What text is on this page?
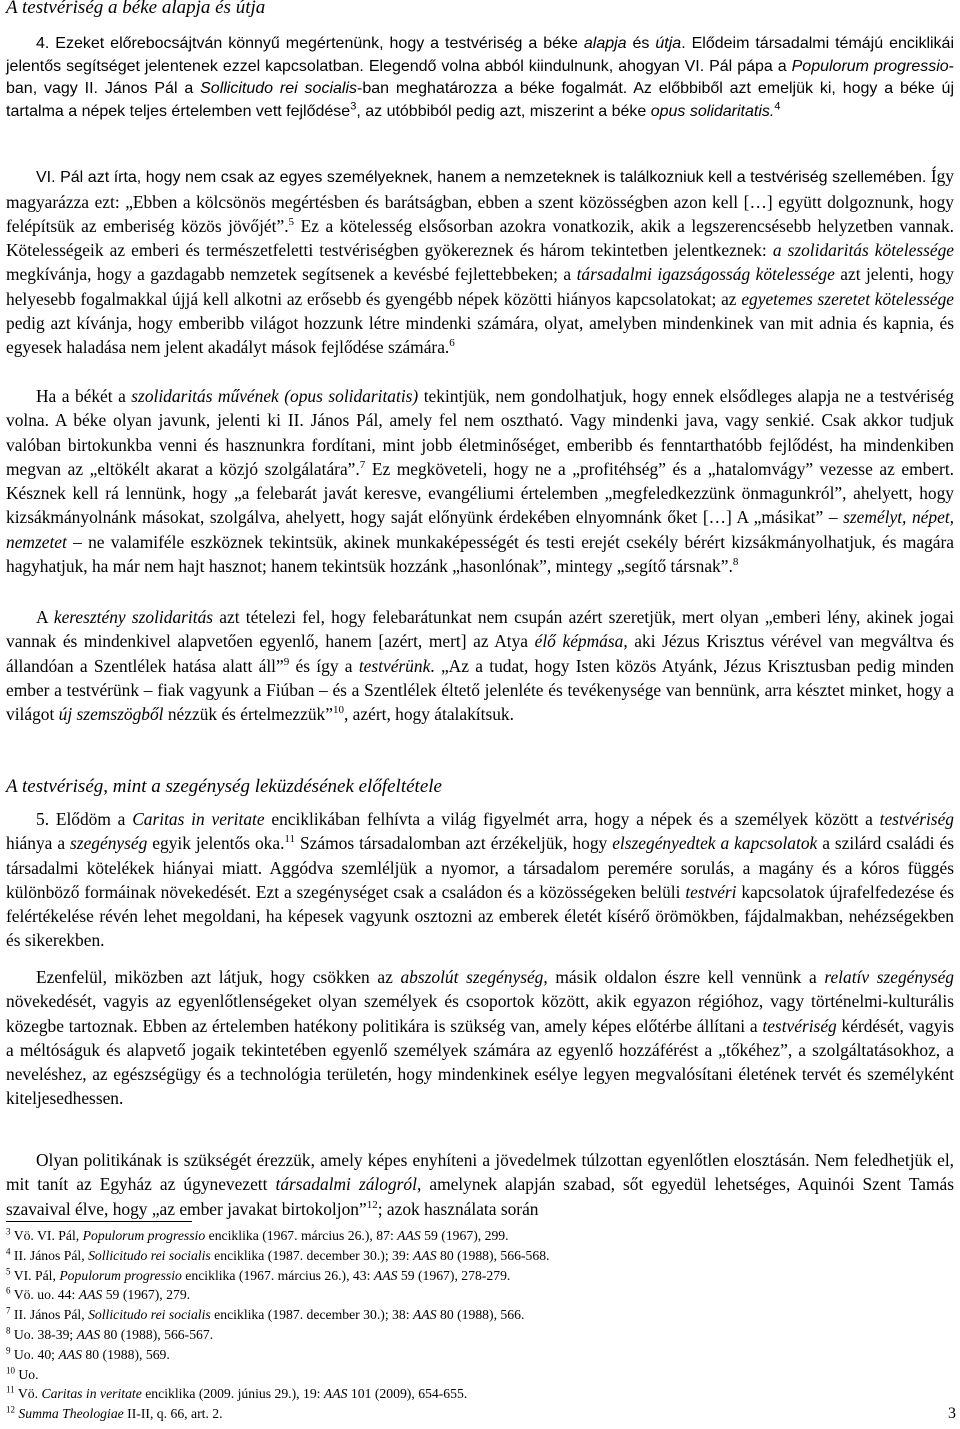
A testvériség a béke alapja és útja

4. Ezeket előrebocsájtván könnyű megértenünk, hogy a testvériség a béke alapja és útja. Elődeim társadalmi témájú enciklikái jelentős segítséget jelentenek ezzel kapcsolatban. Elegendő volna abból kiindulnunk, ahogyan VI. Pál pápa a Populorum progressio-ban, vagy II. János Pál a Sollicitudo rei socialis-ban meghatározza a béke fogalmát. Az előbbiből azt emeljük ki, hogy a béke új tartalma a népek teljes értelemben vett fejlődése$^3$, az utóbbiból pedig azt, miszerint a béke opus solidaritatis.$^4$

VI. Pál azt írta, hogy nem csak az egyes személyeknek, hanem a nemzeteknek is találkozniuk kell a testvériség szellemében. Így magyarázza ezt: „Ebben a kölcsönös megértésben és barátságban, ebben a szent közösségben azon kell […] együtt dolgoznunk, hogy felépítsük az emberiség közös jövőjét”.$^5$ Ez a kötelesség elsősorban azokra vonatkozik, akik a legszerencsésebb helyzetben vannak. Kötelességeik az emberi és természetfeletti testvériségben gyökereznek és három tekintetben jelentkeznek: a szolidaritás kötelessége megkívánja, hogy a gazdagabb nemzetek segítsenek a kevésbé fejlettebbeken; a társadalmi igazságosság kötelessége azt jelenti, hogy helyesebb fogalmakkal újjá kell alkotni az erősebb és gyengébb népek közötti hiányos kapcsolatokat; az egyetemes szeretet kötelessége pedig azt kívánja, hogy emberibb világot hozzunk létre mindenki számára, olyat, amelyben mindenkinek van mit adnia és kapnia, és egyesek haladása nem jelent akadályt mások fejlődése számára.$^6$

Ha a békét a szolidaritás művének (opus solidaritatis) tekintjük, nem gondolhatjuk, hogy ennek elsődleges alapja ne a testvériség volna. A béke olyan javunk, jelenti ki II. János Pál, amely fel nem osztható. Vagy mindenki java, vagy senkié. Csak akkor tudjuk valóban birtokunkba venni és hasznunkra fordítani, mint jobb életminőséget, emberibb és fenntarthatóbb fejlődést, ha mindenkiben megvan az „eltökélt akarat a közjó szolgálatára”.$^7$ Ez megköveteli, hogy ne a „profitéhség” és a „hatalomvágy” vezesse az embert. Késznek kell rá lennünk, hogy „a felebarát javát keresve, evangéliumi értelemben „megfeledkezzünk önmagunkról”, ahelyett, hogy kizsákmányolnánk másokat, szolgálva, ahelyett, hogy saját előnyünk érdekében elnyomnánk őket […] A „másikat” – személyt, népet, nemzetet – ne valamiféle eszköznek tekintsük, akinek munkaképességét és testi erejét csekély bérért kizsákmányolhatjuk, és magára hagyhatjuk, ha már nem hajt hasznot; hanem tekintsük hozzánk „hasonlónak”, mintegy „segítő társnak”.$^8$

A keresztény szolidaritás azt tételezi fel, hogy felebarátunkat nem csupán azért szeretjük, mert olyan „emberi lény, akinek jogai vannak és mindenkivel alapvetően egyenlő, hanem [azért, mert] az Atya élő képmása, aki Jézus Krisztus vérével van megváltva és állandóan a Szentlélek hatása alatt áll”$^9$ és így a testvérünk. „Az a tudat, hogy Isten közös Atyánk, Jézus Krisztusban pedig minden ember a testvérünk – fiak vagyunk a Fiúban – és a Szentlélek éltető jelenléte és tevékenysége van bennünk, arra késztet minket, hogy a világot új szemszögből nézzük és értelmezzük”$^{10}$, azért, hogy átalakítsuk.

A testvériség, mint a szegénység leküzdésének előfeltétele

5. Elődöm a Caritas in veritate enciklikában felhívta a világ figyelmét arra, hogy a népek és a személyek között a testvériség hiánya a szegénység egyik jelentős oka.$^{11}$ Számos társadalomban azt érzékeljük, hogy elszegényedtek a kapcsolatok a szilárd családi és társadalmi kötelékek hiányai miatt. Aggódva szemléljük a nyomor, a társadalom peremére sorulás, a magány és a kóros függés különböző formáinak növekedését. Ezt a szegénységet csak a családon és a közösségeken belüli testvéri kapcsolatok újrafelfedezése és felértékelése révén lehet megoldani, ha képesek vagyunk osztozni az emberek életét kísérő örömökben, fájdalmakban, nehézségekben és sikerekben.

Ezenfelül, miközben azt látjuk, hogy csökken az abszolút szegénység, másik oldalon észre kell vennünk a relatív szegénység növekedését, vagyis az egyenlőtlenségeket olyan személyek és csoportok között, akik egyazon régióhoz, vagy történelmi-kulturális közegbe tartoznak. Ebben az értelemben hatékony politikára is szükség van, amely képes előtérbe állítani a testvériség kérdését, vagyis a méltóságuk és alapvető jogaik tekintetében egyenlő személyek számára az egyenlő hozzáférést a „tőkéhez”, a szolgáltatásokhoz, a neveléshez, az egészségügy és a technológia területén, hogy mindenkinek esélye legyen megvalósítani életének tervét és személyként kiteljesedhessen.

Olyan politikának is szükségét érezzük, amely képes enyhíteni a jövedelmek túlzottan egyenlőtlen elosztásán. Nem feledhetjük el, mit tanít az Egyház az úgynevezett társadalmi zálogról, amelynek alapján szabad, sőt egyedül lehetséges, Aquinói Szent Tamás szavaival élve, hogy „az ember javakat birtokoljon”$^{12}$; azok használata során

$^3$ Vö. VI. Pál, Populorum progressio enciklika (1967. március 26.), 87: AAS 59 (1967), 299.
$^4$ II. János Pál, Sollicitudo rei socialis enciklika (1987. december 30.); 39: AAS 80 (1988), 566-568.
$^5$ VI. Pál, Populorum progressio enciklika (1967. március 26.), 43: AAS 59 (1967), 278-279.
$^6$ Vö. uo. 44: AAS 59 (1967), 279.
$^7$ II. János Pál, Sollicitudo rei socialis enciklika (1987. december 30.); 38: AAS 80 (1988), 566.
$^8$ Uo. 38-39; AAS 80 (1988), 566-567.
$^9$ Uo. 40; AAS 80 (1988), 569.
$^{10}$ Uo.
$^{11}$ Vö. Caritas in veritate enciklika (2009. június 29.), 19: AAS 101 (2009), 654-655.
$^{12}$ Summa Theologiae II-II, q. 66, art. 2.	3
